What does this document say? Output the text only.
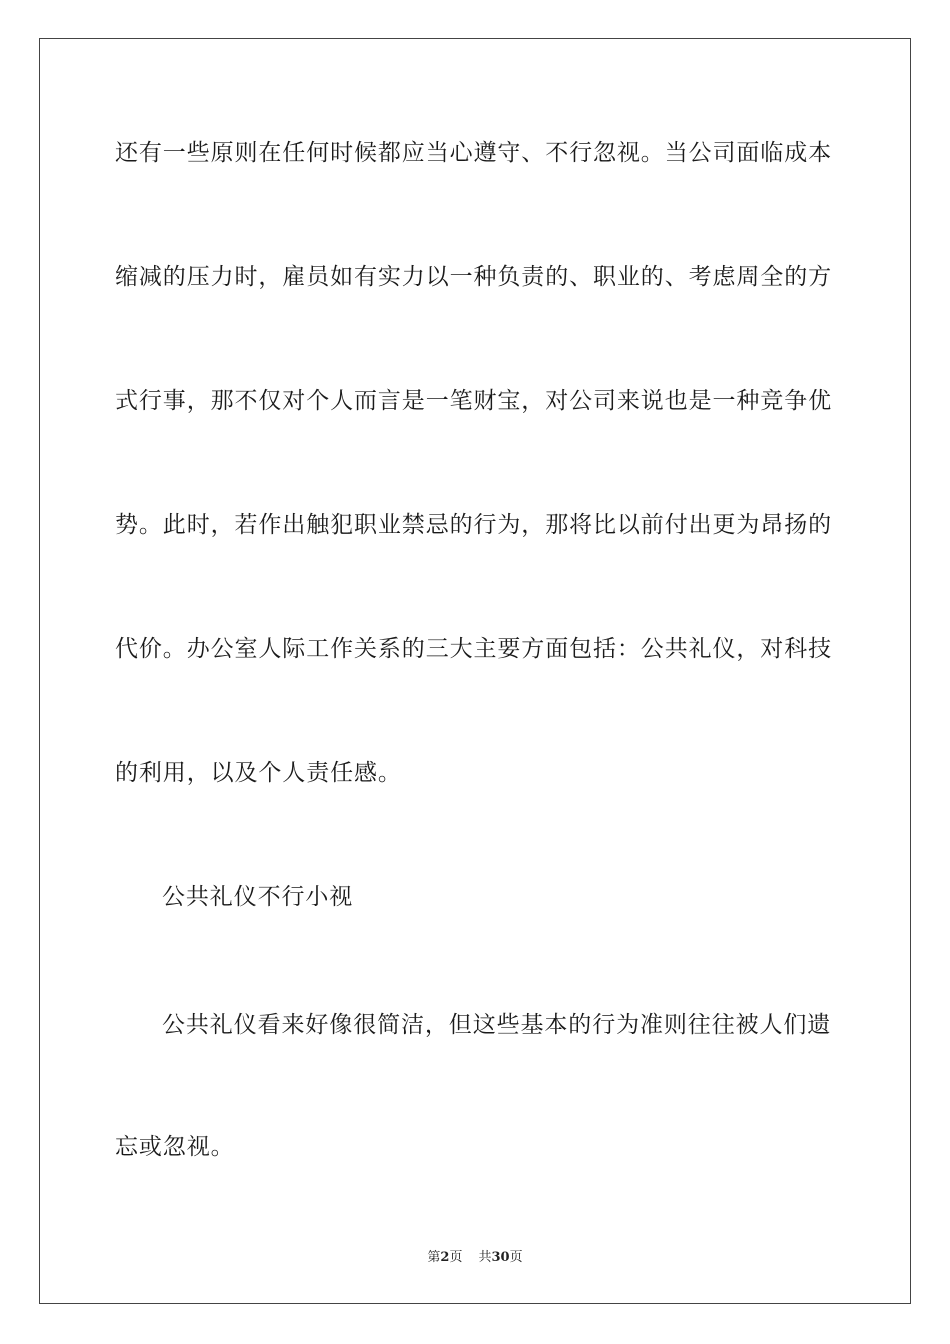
还有一些原则在任何时候都应当心遵守、不行忽视。当公司面临成本
缩减的压力时，雇员如有实力以一种负责的、职业的、考虑周全的方
式行事，那不仅对个人而言是一笔财宝，对公司来说也是一种竞争优
势。此时，若作出触犯职业禁忌的行为，那将比以前付出更为昂扬的
代价。办公室人际工作关系的三大主要方面包括：公共礼仪，对科技
的利用，以及个人责任感。
公共礼仪不行小视
公共礼仪看来好像很简洁，但这些基本的行为准则往往被人们遗
忘或忽视。
第2页 共30页
